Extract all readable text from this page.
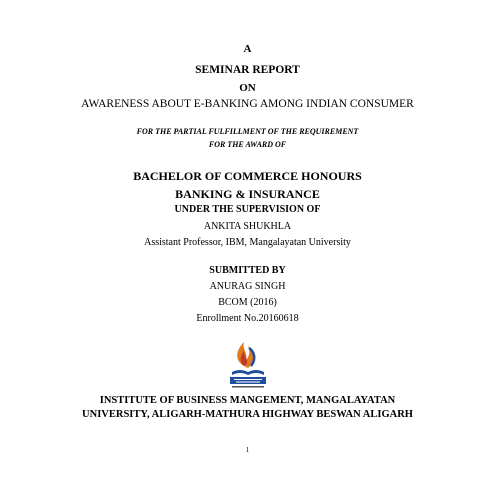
A
SEMINAR REPORT
ON
AWARENESS ABOUT E-BANKING AMONG INDIAN CONSUMER
FOR THE PARTIAL FULFILLMENT OF THE REQUIREMENT
FOR THE AWARD OF
BACHELOR OF COMMERCE HONOURS
BANKING & INSURANCE
UNDER THE SUPERVISION OF
ANKITA SHUKHLA
Assistant Professor, IBM, Mangalayatan University
SUBMITTED BY
ANURAG SINGH
BCOM (2016)
Enrollment No.20160618
INSTITUTE OF BUSINESS MANGEMENT, MANGALAYATAN
UNIVERSITY, ALIGARH-MATHURA HIGHWAY BESWAN ALIGARH
1
